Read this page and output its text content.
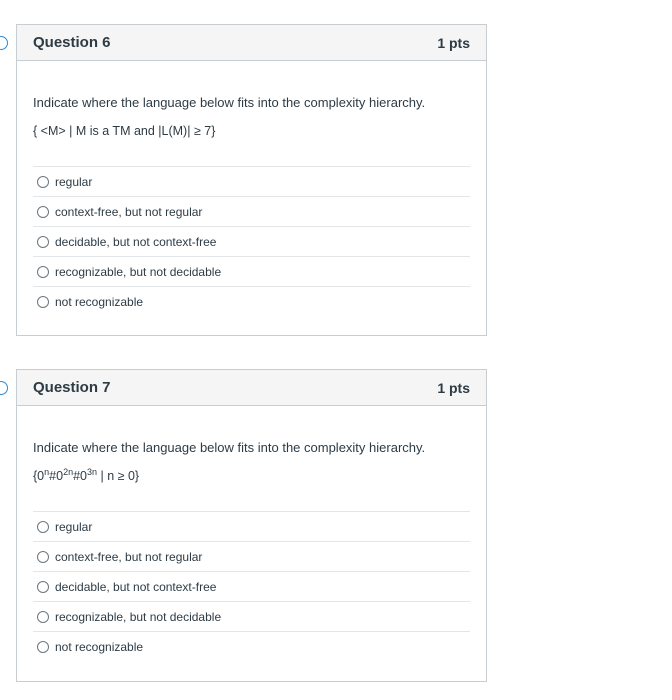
Question 6	1 pts

Indicate where the language below fits into the complexity hierarchy.

{ <M> | M is a TM and |L(M)| ≥ 7}

regular
context-free, but not regular
decidable, but not context-free
recognizable, but not decidable
not recognizable
Question 7	1 pts

Indicate where the language below fits into the complexity hierarchy.

{$0^n\#0^{2n}\#0^{3n}$ | n ≥ 0}

regular
context-free, but not regular
decidable, but not context-free
recognizable, but not decidable
not recognizable
